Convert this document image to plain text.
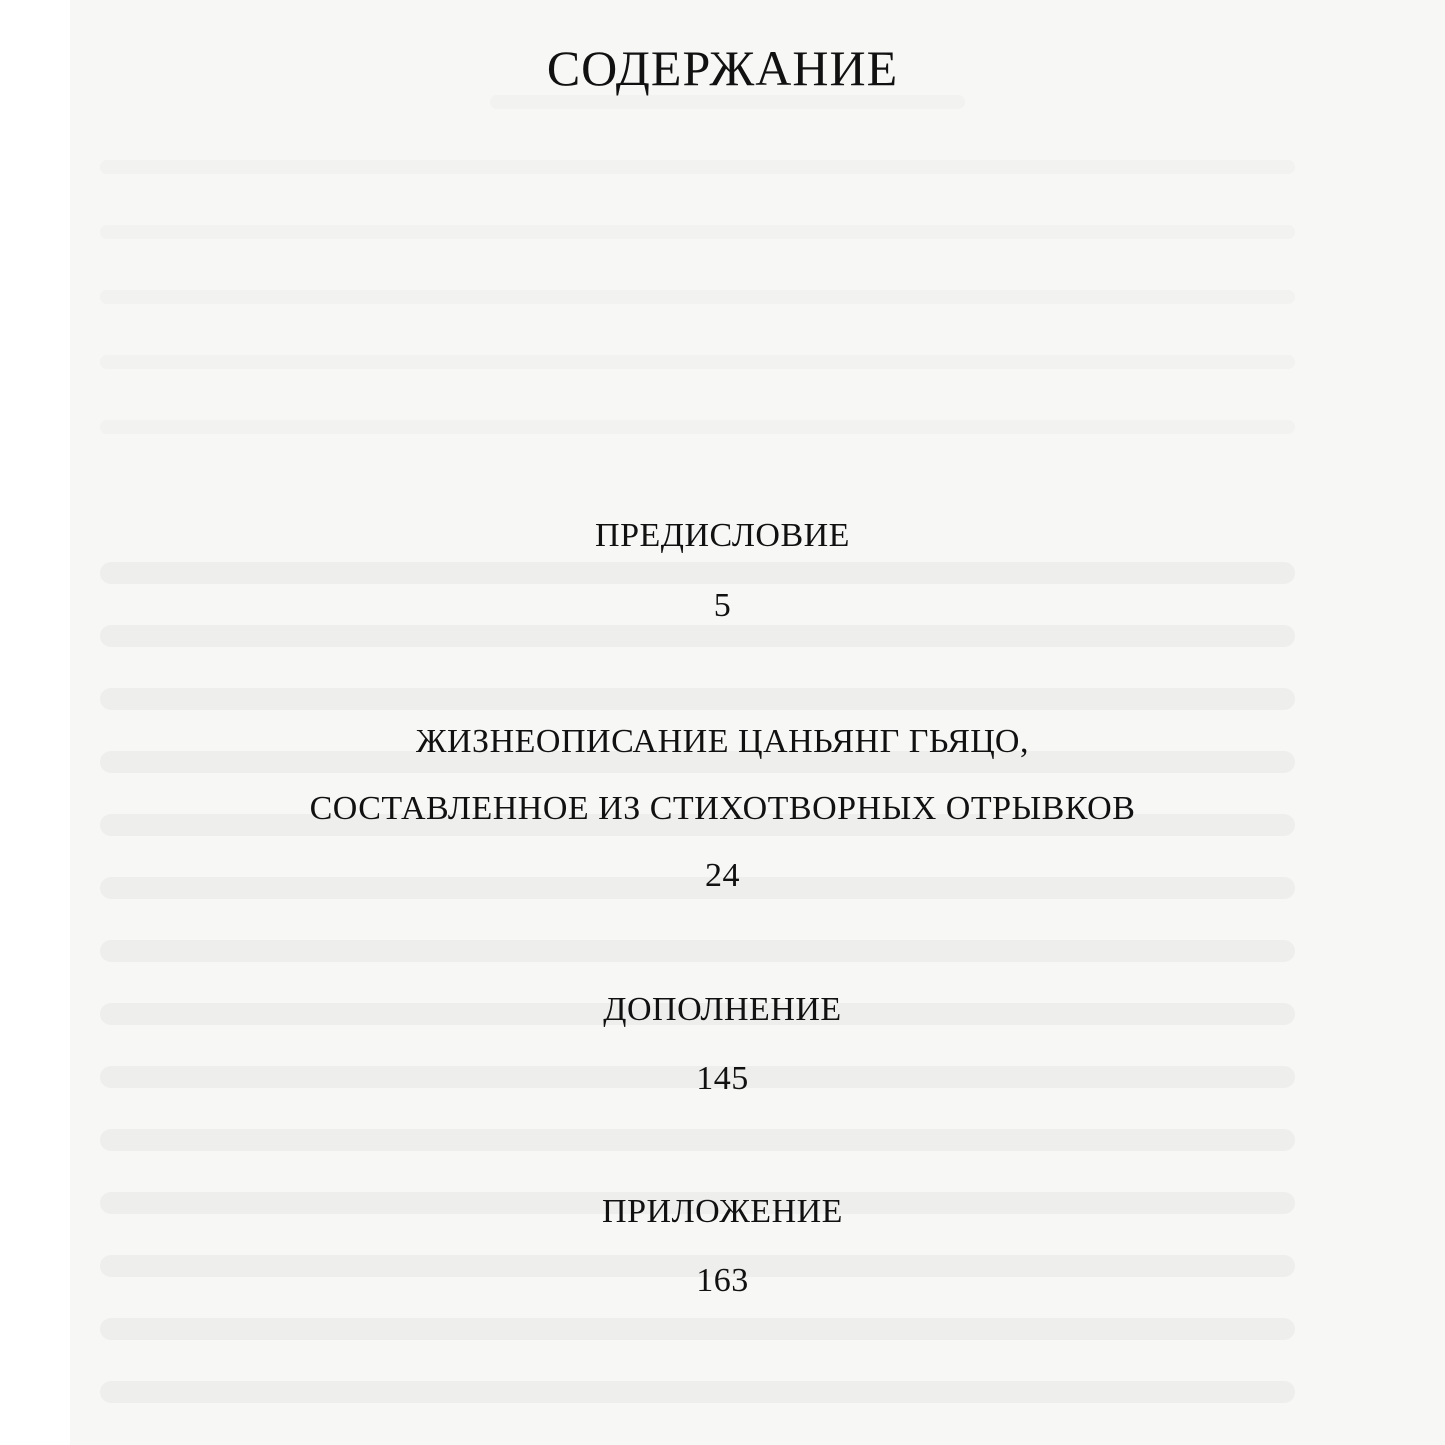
СОДЕРЖАНИЕ

ПРЕДИСЛОВИЕ

5

ЖИЗНЕОПИСАНИЕ ЦАНЬЯНГ ГЬЯЦО,

СОСТАВЛЕННОЕ ИЗ СТИХОТВОРНЫХ ОТРЫВКОВ

24

ДОПОЛНЕНИЕ

145

ПРИЛОЖЕНИЕ

163
